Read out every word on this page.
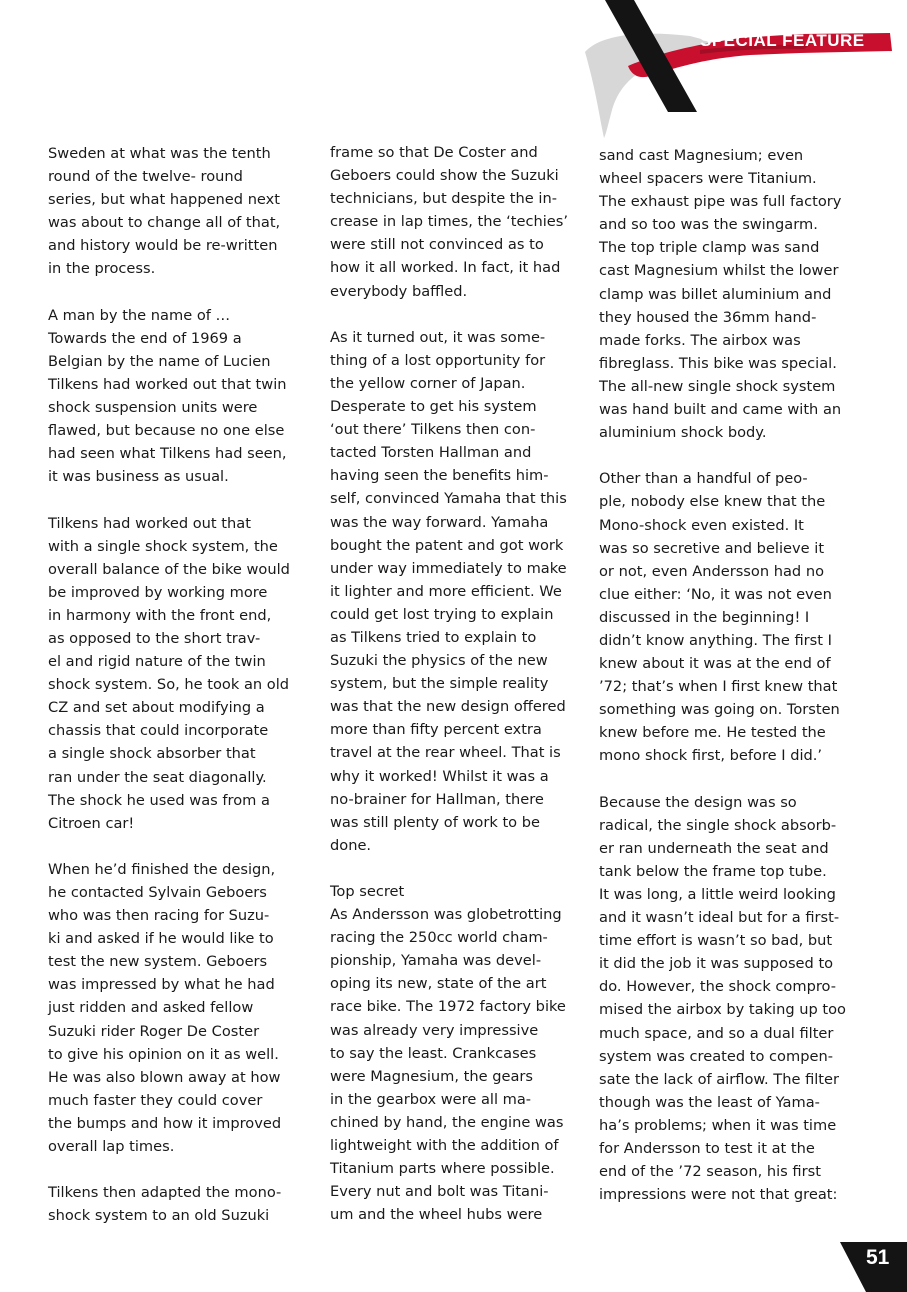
SPECIAL FEATURE

Sweden at what was the tenth
round of the twelve- round
series, but what happened next
was about to change all of that,
and history would be re-written
in the process.

A man by the name of …
Towards the end of 1969 a
Belgian by the name of Lucien
Tilkens had worked out that twin
shock suspension units were
flawed, but because no one else
had seen what Tilkens had seen,
it was business as usual.

Tilkens had worked out that
with a single shock system, the
overall balance of the bike would
be improved by working more
in harmony with the front end,
as opposed to the short trav-
el and rigid nature of the twin
shock system. So, he took an old
CZ and set about modifying a
chassis that could incorporate
a single shock absorber that
ran under the seat diagonally.
The shock he used was from a
Citroen car!

When he’d finished the design,
he contacted Sylvain Geboers
who was then racing for Suzu-
ki and asked if he would like to
test the new system. Geboers
was impressed by what he had
just ridden and asked fellow
Suzuki rider Roger De Coster
to give his opinion on it as well.
He was also blown away at how
much faster they could cover
the bumps and how it improved
overall lap times.

Tilkens then adapted the mono-
shock system to an old Suzuki

frame so that De Coster and
Geboers could show the Suzuki
technicians, but despite the in-
crease in lap times, the ‘techies’
were still not convinced as to
how it all worked. In fact, it had
everybody baffled.

As it turned out, it was some-
thing of a lost opportunity for
the yellow corner of Japan.
Desperate to get his system
‘out there’ Tilkens then con-
tacted Torsten Hallman and
having seen the benefits him-
self, convinced Yamaha that this
was the way forward. Yamaha
bought the patent and got work
under way immediately to make
it lighter and more efficient. We
could get lost trying to explain
as Tilkens tried to explain to
Suzuki the physics of the new
system, but the simple reality
was that the new design offered
more than fifty percent extra
travel at the rear wheel. That is
why it worked! Whilst it was a
no-brainer for Hallman, there
was still plenty of work to be
done.

Top secret
As Andersson was globetrotting
racing the 250cc world cham-
pionship, Yamaha was devel-
oping its new, state of the art
race bike. The 1972 factory bike
was already very impressive
to say the least. Crankcases
were Magnesium, the gears
in the gearbox were all ma-
chined by hand, the engine was
lightweight with the addition of
Titanium parts where possible.
Every nut and bolt was Titani-
um and the wheel hubs were

sand cast Magnesium; even
wheel spacers were Titanium.
The exhaust pipe was full factory
and so too was the swingarm.
The top triple clamp was sand
cast Magnesium whilst the lower
clamp was billet aluminium and
they housed the 36mm hand-
made forks. The airbox was
fibreglass. This bike was special.
The all-new single shock system
was hand built and came with an
aluminium shock body.

Other than a handful of peo-
ple, nobody else knew that the
Mono-shock even existed. It
was so secretive and believe it
or not, even Andersson had no
clue either: ‘No, it was not even
discussed in the beginning! I
didn’t know anything. The first I
knew about it was at the end of
’72; that’s when I first knew that
something was going on. Torsten
knew before me. He tested the
mono shock first, before I did.’

Because the design was so
radical, the single shock absorb-
er ran underneath the seat and
tank below the frame top tube.
It was long, a little weird looking
and it wasn’t ideal but for a first-
time effort is wasn’t so bad, but
it did the job it was supposed to
do. However, the shock compro-
mised the airbox by taking up too
much space, and so a dual filter
system was created to compen-
sate the lack of airflow. The filter
though was the least of Yama-
ha’s problems; when it was time
for Andersson to test it at the
end of the ’72 season, his first
impressions were not that great:

51
